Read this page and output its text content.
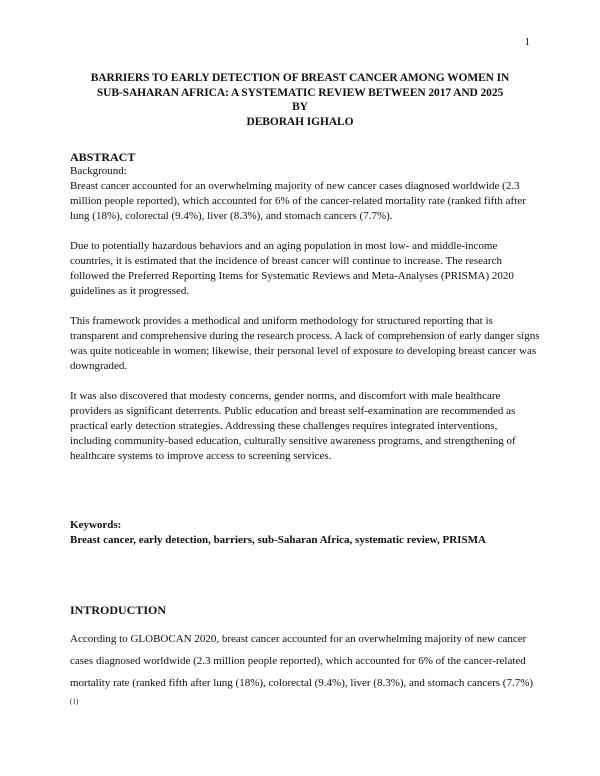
1
BARRIERS TO EARLY DETECTION OF BREAST CANCER AMONG WOMEN IN
SUB-SAHARAN AFRICA: A SYSTEMATIC REVIEW BETWEEN 2017 AND 2025
BY
DEBORAH IGHALO
ABSTRACT

Background:

Breast cancer accounted for an overwhelming majority of new cancer cases diagnosed worldwide (2.3 million people reported), which accounted for 6% of the cancer-related mortality rate (ranked fifth after lung (18%), colorectal (9.4%), liver (8.3%), and stomach cancers (7.7%).

Due to potentially hazardous behaviors and an aging population in most low- and middle-income countries, it is estimated that the incidence of breast cancer will continue to increase. The research followed the Preferred Reporting Items for Systematic Reviews and Meta-Analyses (PRISMA) 2020 guidelines as it progressed.

This framework provides a methodical and uniform methodology for structured reporting that is transparent and comprehensive during the research process. A lack of comprehension of early danger signs was quite noticeable in women; likewise, their personal level of exposure to developing breast cancer was downgraded.

It was also discovered that modesty concerns, gender norms, and discomfort with male healthcare providers as significant deterrents. Public education and breast self-examination are recommended as practical early detection strategies. Addressing these challenges requires integrated interventions, including community-based education, culturally sensitive awareness programs, and strengthening of healthcare systems to improve access to screening services.

Keywords:
Breast cancer, early detection, barriers, sub-Saharan Africa, systematic review, PRISMA
INTRODUCTION
According to GLOBOCAN 2020, breast cancer accounted for an overwhelming majority of new cancer cases diagnosed worldwide (2.3 million people reported), which accounted for 6% of the cancer-related mortality rate (ranked fifth after lung (18%), colorectal (9.4%), liver (8.3%), and stomach cancers (7.7%) $^{(1)}$
